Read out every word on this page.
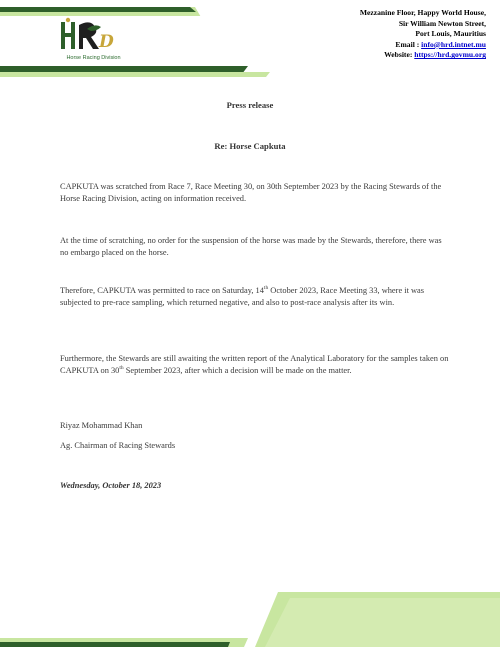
D
Horse Racing Division
Mezzanine Floor, Happy World House,
Sir William Newton Street,
Port Louis, Mauritius
Email : info@hrd.intnet.mu
Website: https://hrd.govmu.org
Press release
Re: Horse Capkuta
CAPKUTA was scratched from Race 7, Race Meeting 30, on 30th September 2023 by the Racing Stewards of the Horse Racing Division, acting on information received.
At the time of scratching, no order for the suspension of the horse was made by the Stewards, therefore, there was no embargo placed on the horse.
Therefore, CAPKUTA was permitted to race on Saturday, 14th October 2023, Race Meeting 33, where it was subjected to pre-race sampling, which returned negative, and also to post-race analysis after its win.
Furthermore, the Stewards are still awaiting the written report of the Analytical Laboratory for the samples taken on CAPKUTA on 30th September 2023, after which a decision will be made on the matter.
Riyaz Mohammad Khan
Ag. Chairman of Racing Stewards
Wednesday, October 18, 2023
